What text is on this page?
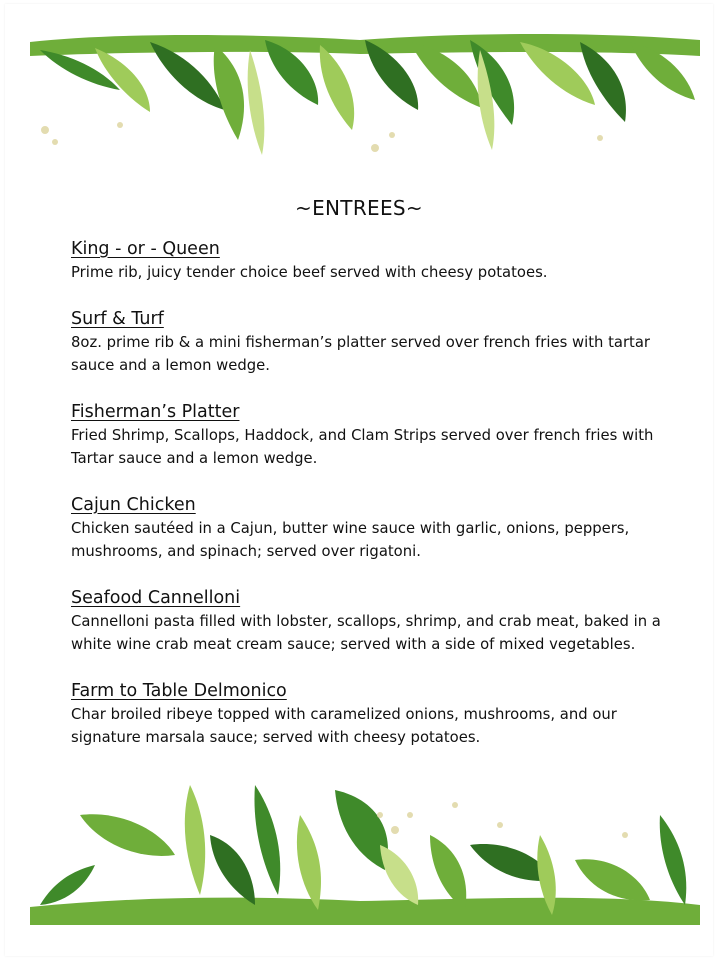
~ENTREES~

King - or - Queen

Prime rib, juicy tender choice beef served with cheesy potatoes.

Surf & Turf

8oz. prime rib & a mini fisherman’s platter served over french fries with tartar sauce and a lemon wedge.

Fisherman’s Platter

Fried Shrimp, Scallops, Haddock, and Clam Strips served over french fries with Tartar sauce and a lemon wedge.

Cajun Chicken

Chicken sautéed in a Cajun, butter wine sauce with garlic, onions, peppers, mushrooms, and spinach; served over rigatoni.

Seafood Cannelloni

Cannelloni pasta filled with lobster, scallops, shrimp, and crab meat, baked in a white wine crab meat cream sauce; served with a side of mixed vegetables.

Farm to Table Delmonico

Char broiled ribeye topped with caramelized onions, mushrooms, and our signature marsala sauce; served with cheesy potatoes.
